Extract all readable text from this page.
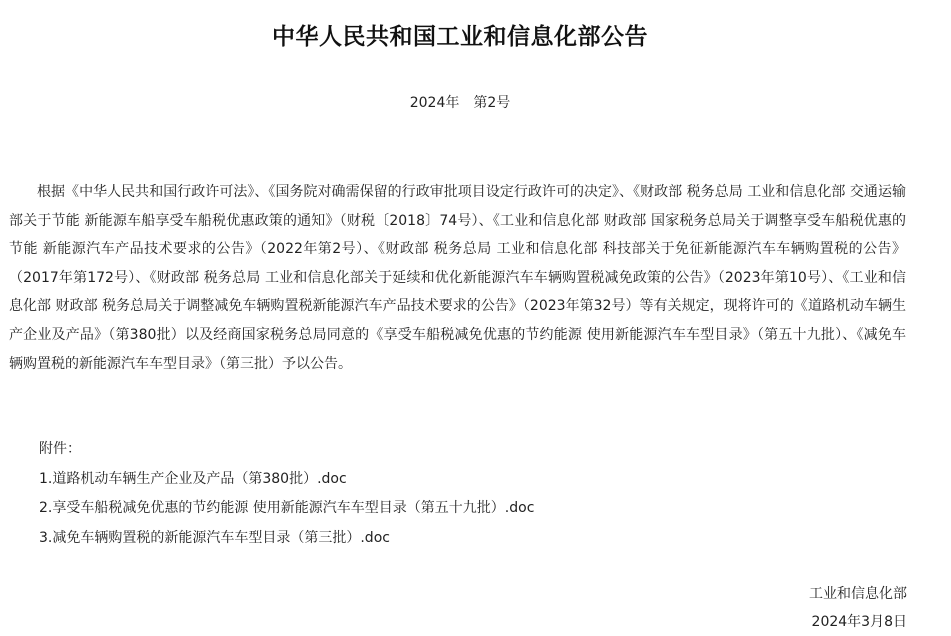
中华人民共和国工业和信息化部公告
2024年 第2号

根据《中华人民共和国行政许可法》、《国务院对确需保留的行政审批项目设定行政许可的决定》、《财政部 税务总局 工业和信息化部 交通运输部关于节能 新能源车船享受车船税优惠政策的通知》（财税〔2018〕74号）、《工业和信息化部 财政部 国家税务总局关于调整享受车船税优惠的节能 新能源汽车产品技术要求的公告》（2022年第2号）、《财政部 税务总局 工业和信息化部 科技部关于免征新能源汽车车辆购置税的公告》（2017年第172号）、《财政部 税务总局 工业和信息化部关于延续和优化新能源汽车车辆购置税减免政策的公告》（2023年第10号）、《工业和信息化部 财政部 税务总局关于调整减免车辆购置税新能源汽车产品技术要求的公告》（2023年第32号）等有关规定，现将许可的《道路机动车辆生产企业及产品》（第380批）以及经商国家税务总局同意的《享受车船税减免优惠的节约能源 使用新能源汽车车型目录》（第五十九批）、《减免车辆购置税的新能源汽车车型目录》（第三批）予以公告。

附件：
1.道路机动车辆生产企业及产品（第380批）.doc
2.享受车船税减免优惠的节约能源 使用新能源汽车车型目录（第五十九批）.doc
3.减免车辆购置税的新能源汽车车型目录（第三批）.doc
工业和信息化部
2024年3月8日
